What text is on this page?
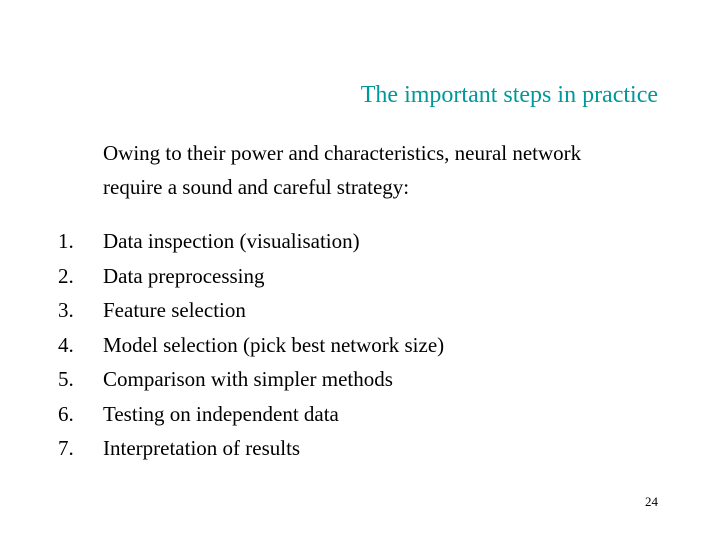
The important steps in practice
Owing to their power and characteristics, neural network
require a sound and careful strategy:
1.	Data inspection (visualisation)
2.	Data preprocessing
3.	Feature selection
4.	Model selection (pick best network size)
5.	Comparison with simpler methods
6.	Testing on independent data
7.	Interpretation of results
24
